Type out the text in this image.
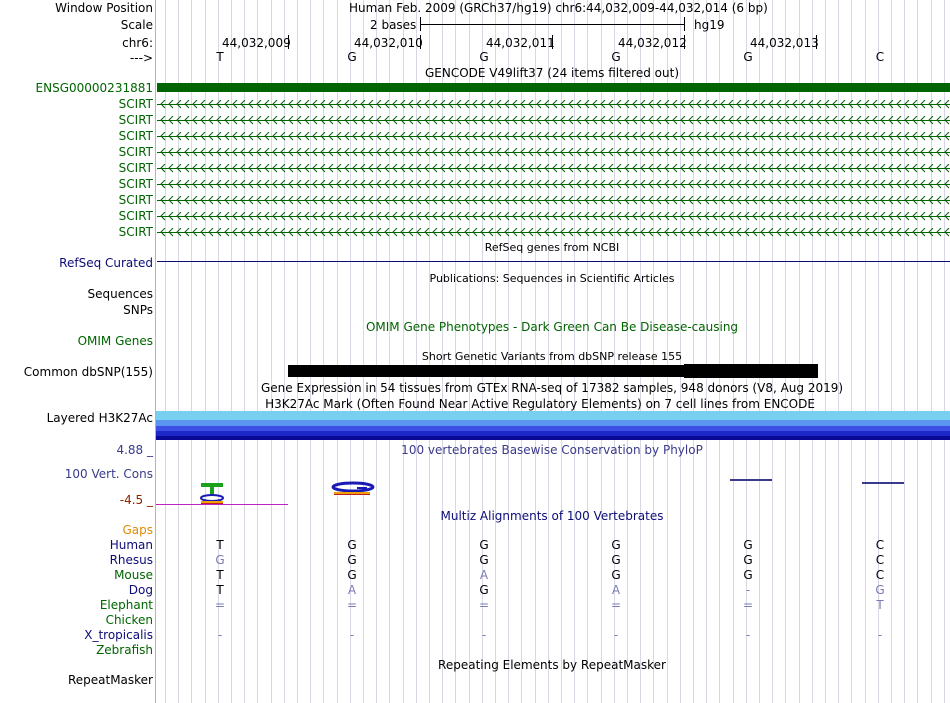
Window Position	Human Feb. 2009 (GRCh37/hg19) chr6:44,032,009-44,032,014 (6 bp)
Scale	2 bases	hg19
chr6:	44,032,009	44,032,010	44,032,011	44,032,012	44,032,013
--->	T	G	G	G	G	C
GENCODE V49lift37 (24 items filtered out)
ENSG00000231881
SCIRT
SCIRT
SCIRT
SCIRT
SCIRT
SCIRT
SCIRT
SCIRT
SCIRT
RefSeq genes from NCBI
RefSeq Curated
Publications: Sequences in Scientific Articles
Sequences
SNPs
OMIM Gene Phenotypes - Dark Green Can Be Disease-causing
OMIM Genes
Short Genetic Variants from dbSNP release 155
Common dbSNP(155)
Gene Expression in 54 tissues from GTEx RNA-seq of 17382 samples, 948 donors (V8, Aug 2019)
H3K27Ac Mark (Often Found Near Active Regulatory Elements) on 7 cell lines from ENCODE
Layered H3K27Ac
100 vertebrates Basewise Conservation by PhyloP
4.88 _
100 Vert. Cons
-4.5 _
Multiz Alignments of 100 Vertebrates
Gaps
Human	T	G	G	G	G	C
Rhesus	G	G	G	G	G	C
Mouse	T	G	A	G	G	C
Dog	T	A	G	A	-	G
Elephant	=	=	=	=	=	T
Chicken
X_tropicalis	-	-	-	-	-	-
Zebrafish
Repeating Elements by RepeatMasker
RepeatMasker
